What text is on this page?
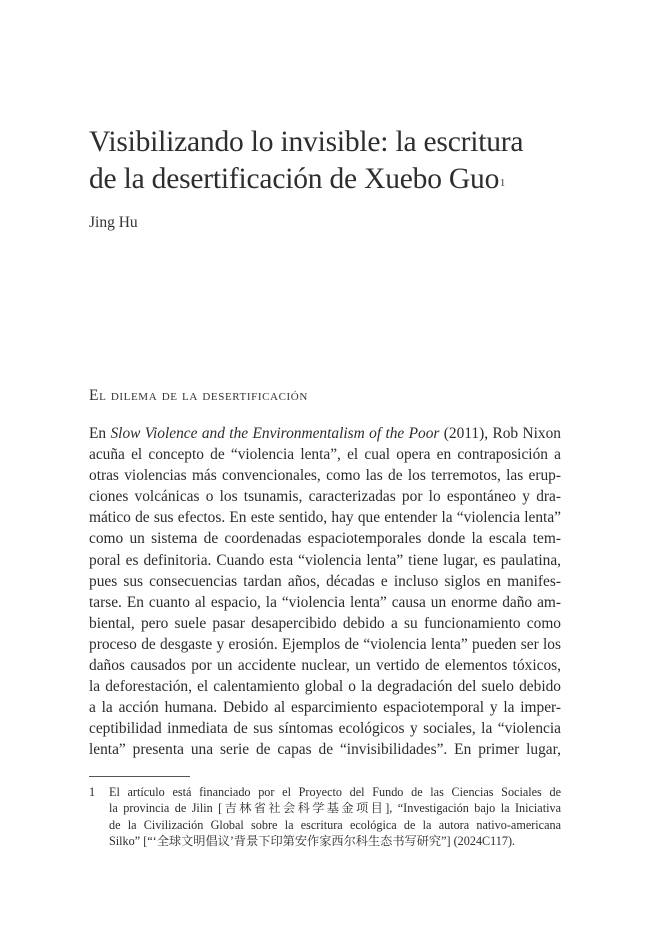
Visibilizando lo invisible: la escritura
de la desertificación de Xuebo Guo$^1$

Jing Hu

El dilema de la desertificación
En Slow Violence and the Environmentalism of the Poor (2011), Rob Nixon
acuña el concepto de “violencia lenta”, el cual opera en contraposición a
otras violencias más convencionales, como las de los terremotos, las erup-
ciones volcánicas o los tsunamis, caracterizadas por lo espontáneo y dra-
mático de sus efectos. En este sentido, hay que entender la “violencia lenta”
como un sistema de coordenadas espaciotemporales donde la escala tem-
poral es definitoria. Cuando esta “violencia lenta” tiene lugar, es paulatina,
pues sus consecuencias tardan años, décadas e incluso siglos en manifes-
tarse. En cuanto al espacio, la “violencia lenta” causa un enorme daño am-
biental, pero suele pasar desapercibido debido a su funcionamiento como
proceso de desgaste y erosión. Ejemplos de “violencia lenta” pueden ser los
daños causados por un accidente nuclear, un vertido de elementos tóxicos,
la deforestación, el calentamiento global o la degradación del suelo debido
a la acción humana. Debido al esparcimiento espaciotemporal y la imper-
ceptibilidad inmediata de sus síntomas ecológicos y sociales, la “violencia
lenta” presenta una serie de capas de “invisibilidades”. En primer lugar,
1 El artículo está financiado por el Proyecto del Fundo de las Ciencias Sociales de
la provincia de Jilin [吉林省社会科学基金项目], “Investigación bajo la Iniciativa
de la Civilización Global sobre la escritura ecológica de la autora nativo-americana
Silko” [“‘全球文明倡议’背景下印第安作家西尔科生态书写研究”] (2024C117).
